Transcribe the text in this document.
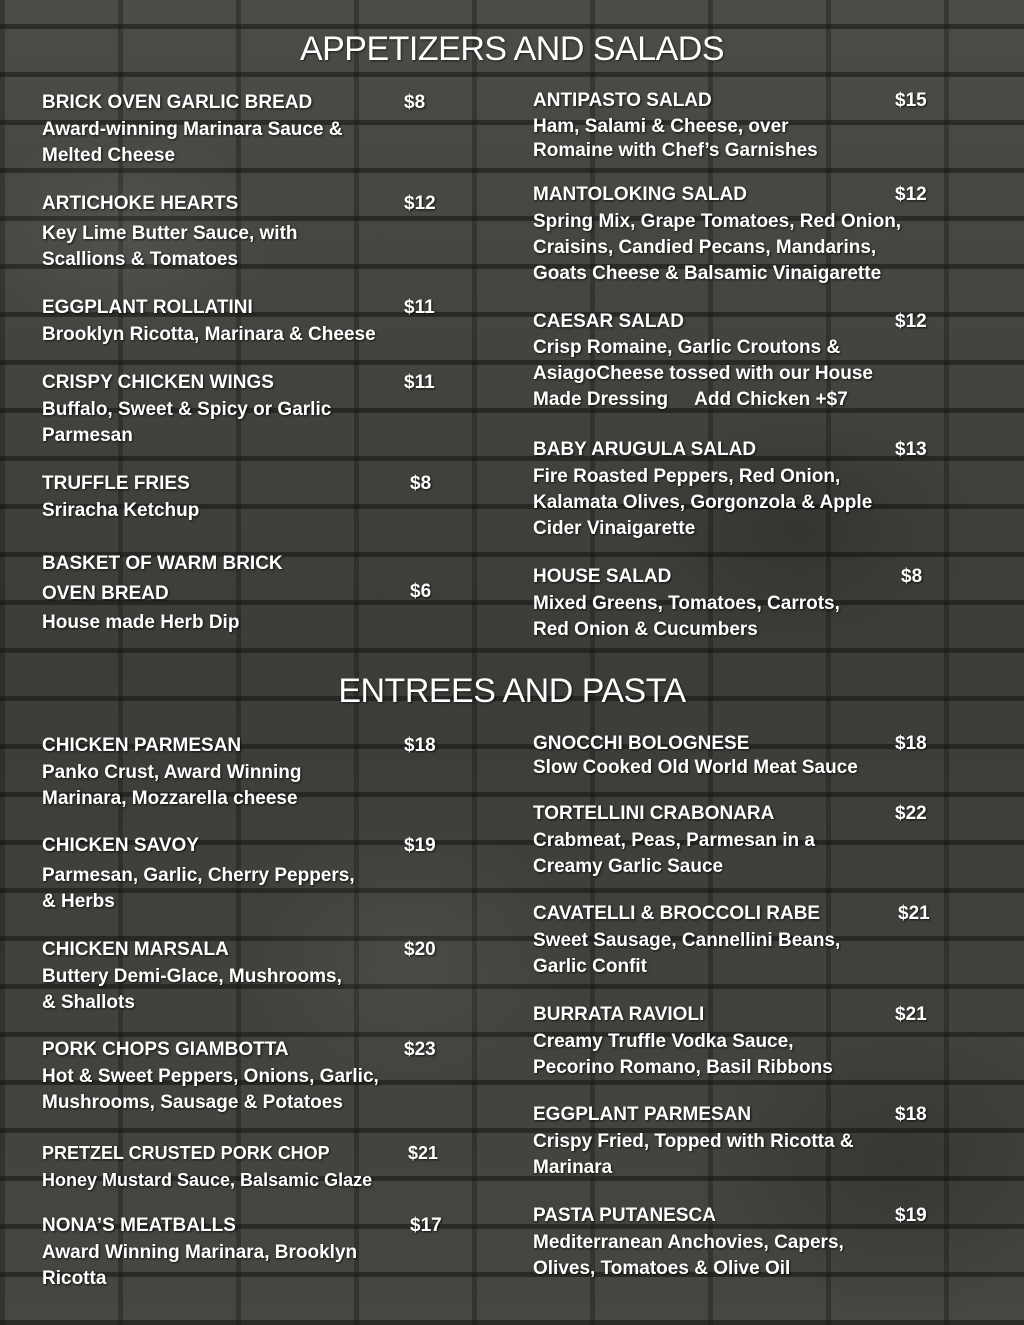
APPETIZERS AND SALADS
BRICK OVEN GARLIC BREAD	$8
Award-winning Marinara Sauce &
Melted Cheese
ARTICHOKE HEARTS	$12
Key Lime Butter Sauce, with
Scallions & Tomatoes
EGGPLANT ROLLATINI	$11
Brooklyn Ricotta, Marinara & Cheese
CRISPY CHICKEN WINGS	$11
Buffalo, Sweet & Spicy or Garlic
Parmesan
TRUFFLE FRIES	$8
Sriracha Ketchup
BASKET OF WARM BRICK
OVEN BREAD	$6
House made Herb Dip
ANTIPASTO SALAD	$15
Ham, Salami & Cheese, over
Romaine with Chef’s Garnishes
MANTOLOKING SALAD	$12
Spring Mix, Grape Tomatoes, Red Onion,
Craisins, Candied Pecans, Mandarins,
Goats Cheese & Balsamic Vinaigarette
CAESAR SALAD	$12
Crisp Romaine, Garlic Croutons &
AsiagoCheese tossed with our House
Made Dressing Add Chicken +$7
BABY ARUGULA SALAD	$13
Fire Roasted Peppers, Red Onion,
Kalamata Olives, Gorgonzola & Apple
Cider Vinaigarette
HOUSE SALAD	$8
Mixed Greens, Tomatoes, Carrots,
Red Onion & Cucumbers
ENTREES AND PASTA
CHICKEN PARMESAN	$18
Panko Crust, Award Winning
Marinara, Mozzarella cheese
CHICKEN SAVOY	$19
Parmesan, Garlic, Cherry Peppers,
& Herbs
CHICKEN MARSALA	$20
Buttery Demi-Glace, Mushrooms,
& Shallots
PORK CHOPS GIAMBOTTA	$23
Hot & Sweet Peppers, Onions, Garlic,
Mushrooms, Sausage & Potatoes
PRETZEL CRUSTED PORK CHOP	$21
Honey Mustard Sauce, Balsamic Glaze
NONA’S MEATBALLS	$17
Award Winning Marinara, Brooklyn
Ricotta
GNOCCHI BOLOGNESE	$18
Slow Cooked Old World Meat Sauce
TORTELLINI CRABONARA	$22
Crabmeat, Peas, Parmesan in a
Creamy Garlic Sauce
CAVATELLI & BROCCOLI RABE	$21
Sweet Sausage, Cannellini Beans,
Garlic Confit
BURRATA RAVIOLI	$21
Creamy Truffle Vodka Sauce,
Pecorino Romano, Basil Ribbons
EGGPLANT PARMESAN	$18
Crispy Fried, Topped with Ricotta &
Marinara
PASTA PUTANESCA	$19
Mediterranean Anchovies, Capers,
Olives, Tomatoes & Olive Oil
